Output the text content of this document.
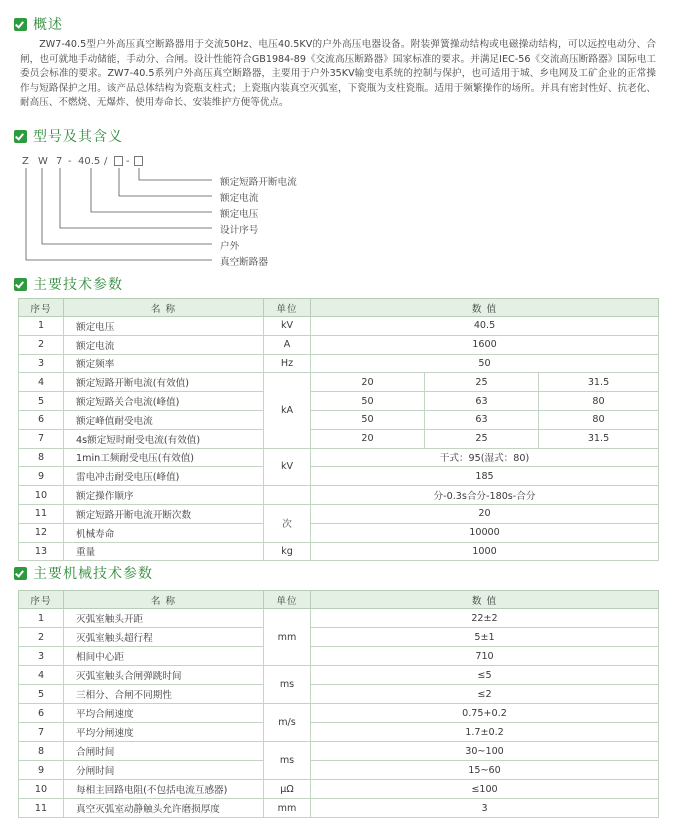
概述

ZW7-40.5型户外高压真空断路器用于交流50Hz、电压40.5KV的户外高压电器设备。附装弹簧操动结构或电磁操动结构，可以远控电动分、合闸，也可就地手动储能，手动分、合闸。设计性能符合GB1984-89《交流高压断路器》国家标准的要求。并满足IEC-56《交流高压断路器》国际电工委员会标准的要求。ZW7-40.5系列户外高压真空断路器，主要用于户外35KV输变电系统的控制与保护，也可适用于城、乡电网及工矿企业的正常操作与短路保护之用。该产品总体结构为瓷瓶支柱式；上瓷瓶内装真空灭弧室，下瓷瓶为支柱瓷瓶。适用于频繁操作的场所。并具有密封性好、抗老化、耐高压、不燃烧、无爆炸、使用寿命长、安装维护方便等优点。

型号及其含义
Z W 7 - 40.5 / -
额定短路开断电流
额定电流
额定电压
设计序号
户外
真空断路器
主要技术参数
序号	名 称	单位	数 值		
1	额定电压	kV	40.5		
2	额定电流	A	1600		
3	额定频率	Hz	50		
4	额定短路开断电流(有效值)	kA	20	25	31.5
5	额定短路关合电流(峰值)		50	63	80
6	额定峰值耐受电流		50	63	80
7	4s额定短时耐受电流(有效值)		20	25	31.5
8	1min工频耐受电压(有效值)	kV	干式：95(湿式：80)		
9	雷电冲击耐受电压(峰值)		185		
10	额定操作顺序		分-0.3s合分-180s-合分		
11	额定短路开断电流开断次数	次	20		
12	机械寿命		10000		
13	重量	kg	1000		
主要机械技术参数
序号	名 称	单位	数 值
1	灭弧室触头开距	mm	22±2
2	灭弧室触头超行程		5±1
3	相间中心距		710
4	灭弧室触头合闸弹跳时间	ms	≤5
5	三相分、合闸不同期性		≤2
6	平均合闸速度	m/s	0.75+0.2
7	平均分闸速度		1.7±0.2
8	合闸时间	ms	30~100
9	分闸时间		15~60
10	每相主回路电阻(不包括电流互感器)	μΩ	≤100
11	真空灭弧室动静触头允许磨损厚度	mm	3
